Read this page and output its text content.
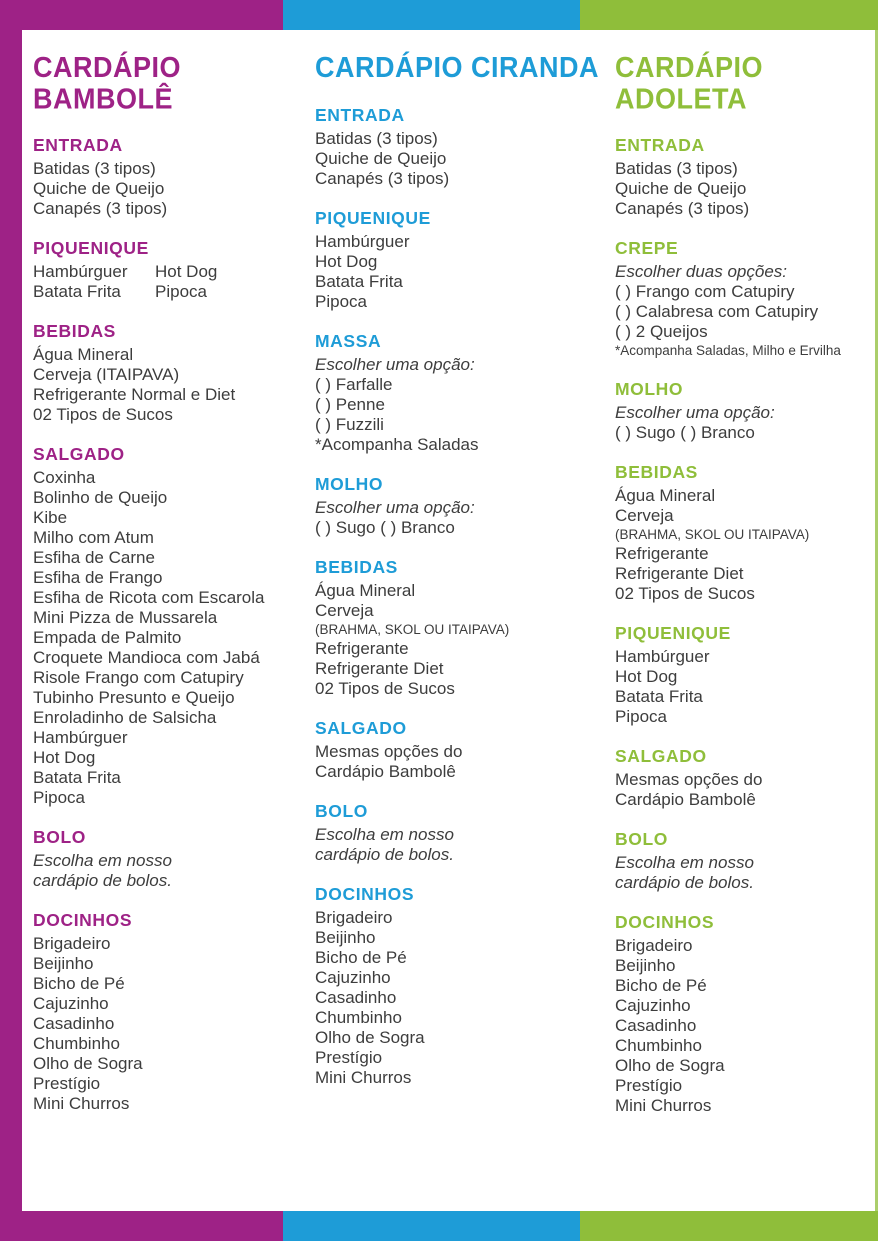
CARDÁPIO BAMBOLÊ
ENTRADA

Batidas (3 tipos)

Quiche de Queijo

Canapés (3 tipos)

PIQUENIQUE
Hambúrguer	Hot Dog
Batata Frita	Pipoca
BEBIDAS

Água Mineral

Cerveja (ITAIPAVA)

Refrigerante Normal e Diet

02 Tipos de Sucos

SALGADO

Coxinha

Bolinho de Queijo

Kibe

Milho com Atum

Esfiha de Carne

Esfiha de Frango

Esfiha de Ricota com Escarola

Mini Pizza de Mussarela

Empada de Palmito

Croquete Mandioca com Jabá

Risole Frango com Catupiry

Tubinho Presunto e Queijo

Enroladinho de Salsicha

Hambúrguer

Hot Dog

Batata Frita

Pipoca

BOLO

Escolha em nosso

cardápio de bolos.

DOCINHOS

Brigadeiro

Beijinho

Bicho de Pé

Cajuzinho

Casadinho

Chumbinho

Olho de Sogra

Prestígio

Mini Churros

CARDÁPIO CIRANDA
ENTRADA

Batidas (3 tipos)

Quiche de Queijo

Canapés (3 tipos)

PIQUENIQUE

Hambúrguer

Hot Dog

Batata Frita

Pipoca

MASSA

Escolher uma opção:

( ) Farfalle

( ) Penne

( ) Fuzzili

*Acompanha Saladas

MOLHO

Escolher uma opção:

( ) Sugo ( ) Branco

BEBIDAS

Água Mineral

Cerveja

(BRAHMA, SKOL OU ITAIPAVA)

Refrigerante

Refrigerante Diet

02 Tipos de Sucos

SALGADO

Mesmas opções do

Cardápio Bambolê

BOLO

Escolha em nosso

cardápio de bolos.

DOCINHOS

Brigadeiro

Beijinho

Bicho de Pé

Cajuzinho

Casadinho

Chumbinho

Olho de Sogra

Prestígio

Mini Churros

CARDÁPIO ADOLETA
ENTRADA

Batidas (3 tipos)

Quiche de Queijo

Canapés (3 tipos)

CREPE

Escolher duas opções:

( ) Frango com Catupiry

( ) Calabresa com Catupiry

( ) 2 Queijos

*Acompanha Saladas, Milho e Ervilha

MOLHO

Escolher uma opção:

( ) Sugo ( ) Branco

BEBIDAS

Água Mineral

Cerveja

(BRAHMA, SKOL OU ITAIPAVA)

Refrigerante

Refrigerante Diet

02 Tipos de Sucos

PIQUENIQUE

Hambúrguer

Hot Dog

Batata Frita

Pipoca

SALGADO

Mesmas opções do

Cardápio Bambolê

BOLO

Escolha em nosso

cardápio de bolos.

DOCINHOS

Brigadeiro

Beijinho

Bicho de Pé

Cajuzinho

Casadinho

Chumbinho

Olho de Sogra

Prestígio

Mini Churros
